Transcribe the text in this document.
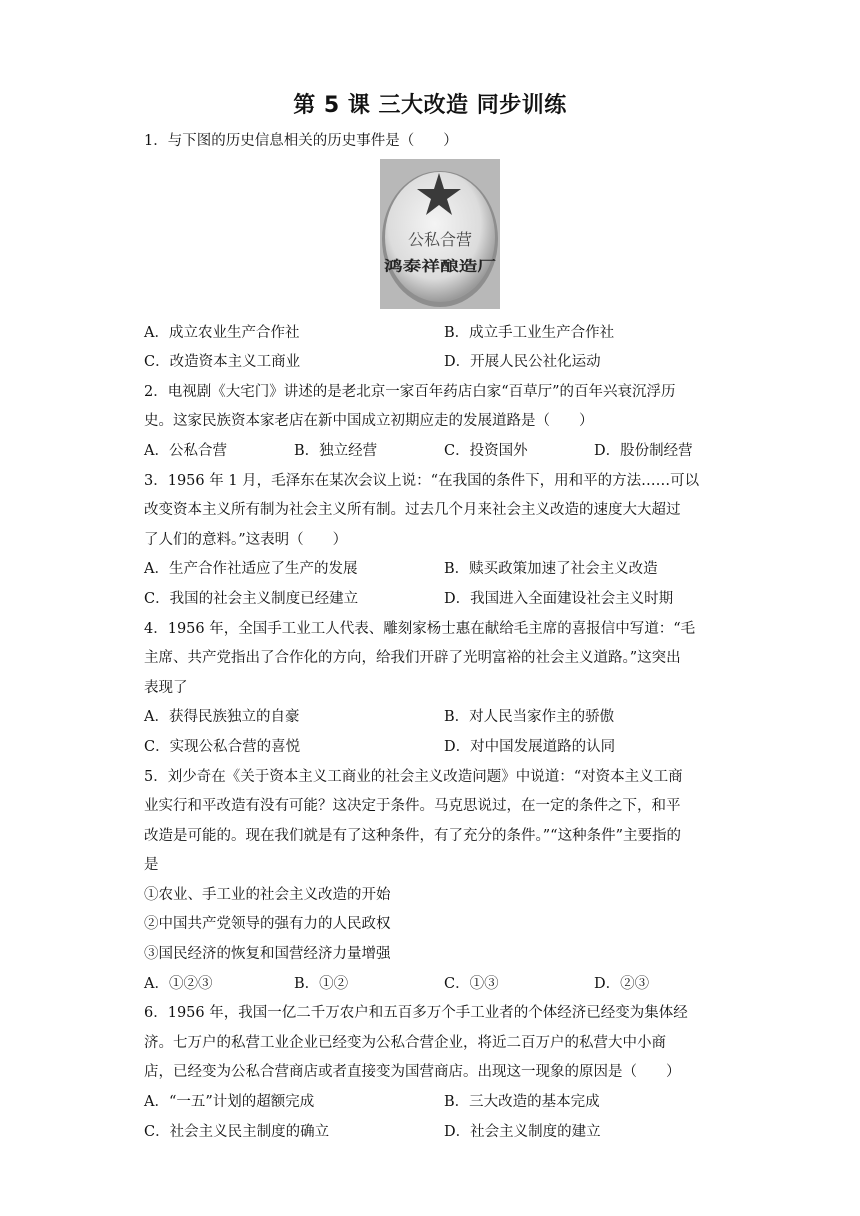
第 5 课 三大改造 同步训练

1．与下图的历史信息相关的历史事件是（　　）

公私合营
鸿泰祥酿造厂
A．成立农业生产合作社	B．成立手工业生产合作社
C．改造资本主义工商业	D．开展人民公社化运动

2．电视剧《大宅门》讲述的是老北京一家百年药店白家“百草厅”的百年兴衰沉浮历

史。这家民族资本家老店在新中国成立初期应走的发展道路是（　　）

A．公私合营	B．独立经营	C．投资国外	D．股份制经营

3．1956 年 1 月，毛泽东在某次会议上说：“在我国的条件下，用和平的方法……可以

改变资本主义所有制为社会主义所有制。过去几个月来社会主义改造的速度大大超过

了人们的意料。”这表明（　　）

A．生产合作社适应了生产的发展	B．赎买政策加速了社会主义改造
C．我国的社会主义制度已经建立	D．我国进入全面建设社会主义时期

4．1956 年，全国手工业工人代表、雕刻家杨士惠在献给毛主席的喜报信中写道：“毛

主席、共产党指出了合作化的方向，给我们开辟了光明富裕的社会主义道路。”这突出

表现了

A．获得民族独立的自豪	B．对人民当家作主的骄傲
C．实现公私合营的喜悦	D．对中国发展道路的认同

5．刘少奇在《关于资本主义工商业的社会主义改造问题》中说道：“对资本主义工商

业实行和平改造有没有可能？这决定于条件。马克思说过，在一定的条件之下，和平

改造是可能的。现在我们就是有了这种条件，有了充分的条件。”“这种条件”主要指的

是

①农业、手工业的社会主义改造的开始

②中国共产党领导的强有力的人民政权

③国民经济的恢复和国营经济力量增强

A．①②③	B．①②	C．①③	D．②③

6．1956 年，我国一亿二千万农户和五百多万个手工业者的个体经济已经变为集体经

济。七万户的私营工业企业已经变为公私合营企业，将近二百万户的私营大中小商

店，已经变为公私合营商店或者直接变为国营商店。出现这一现象的原因是（　　）

A．“一五”计划的超额完成	B．三大改造的基本完成
C．社会主义民主制度的确立	D．社会主义制度的建立
